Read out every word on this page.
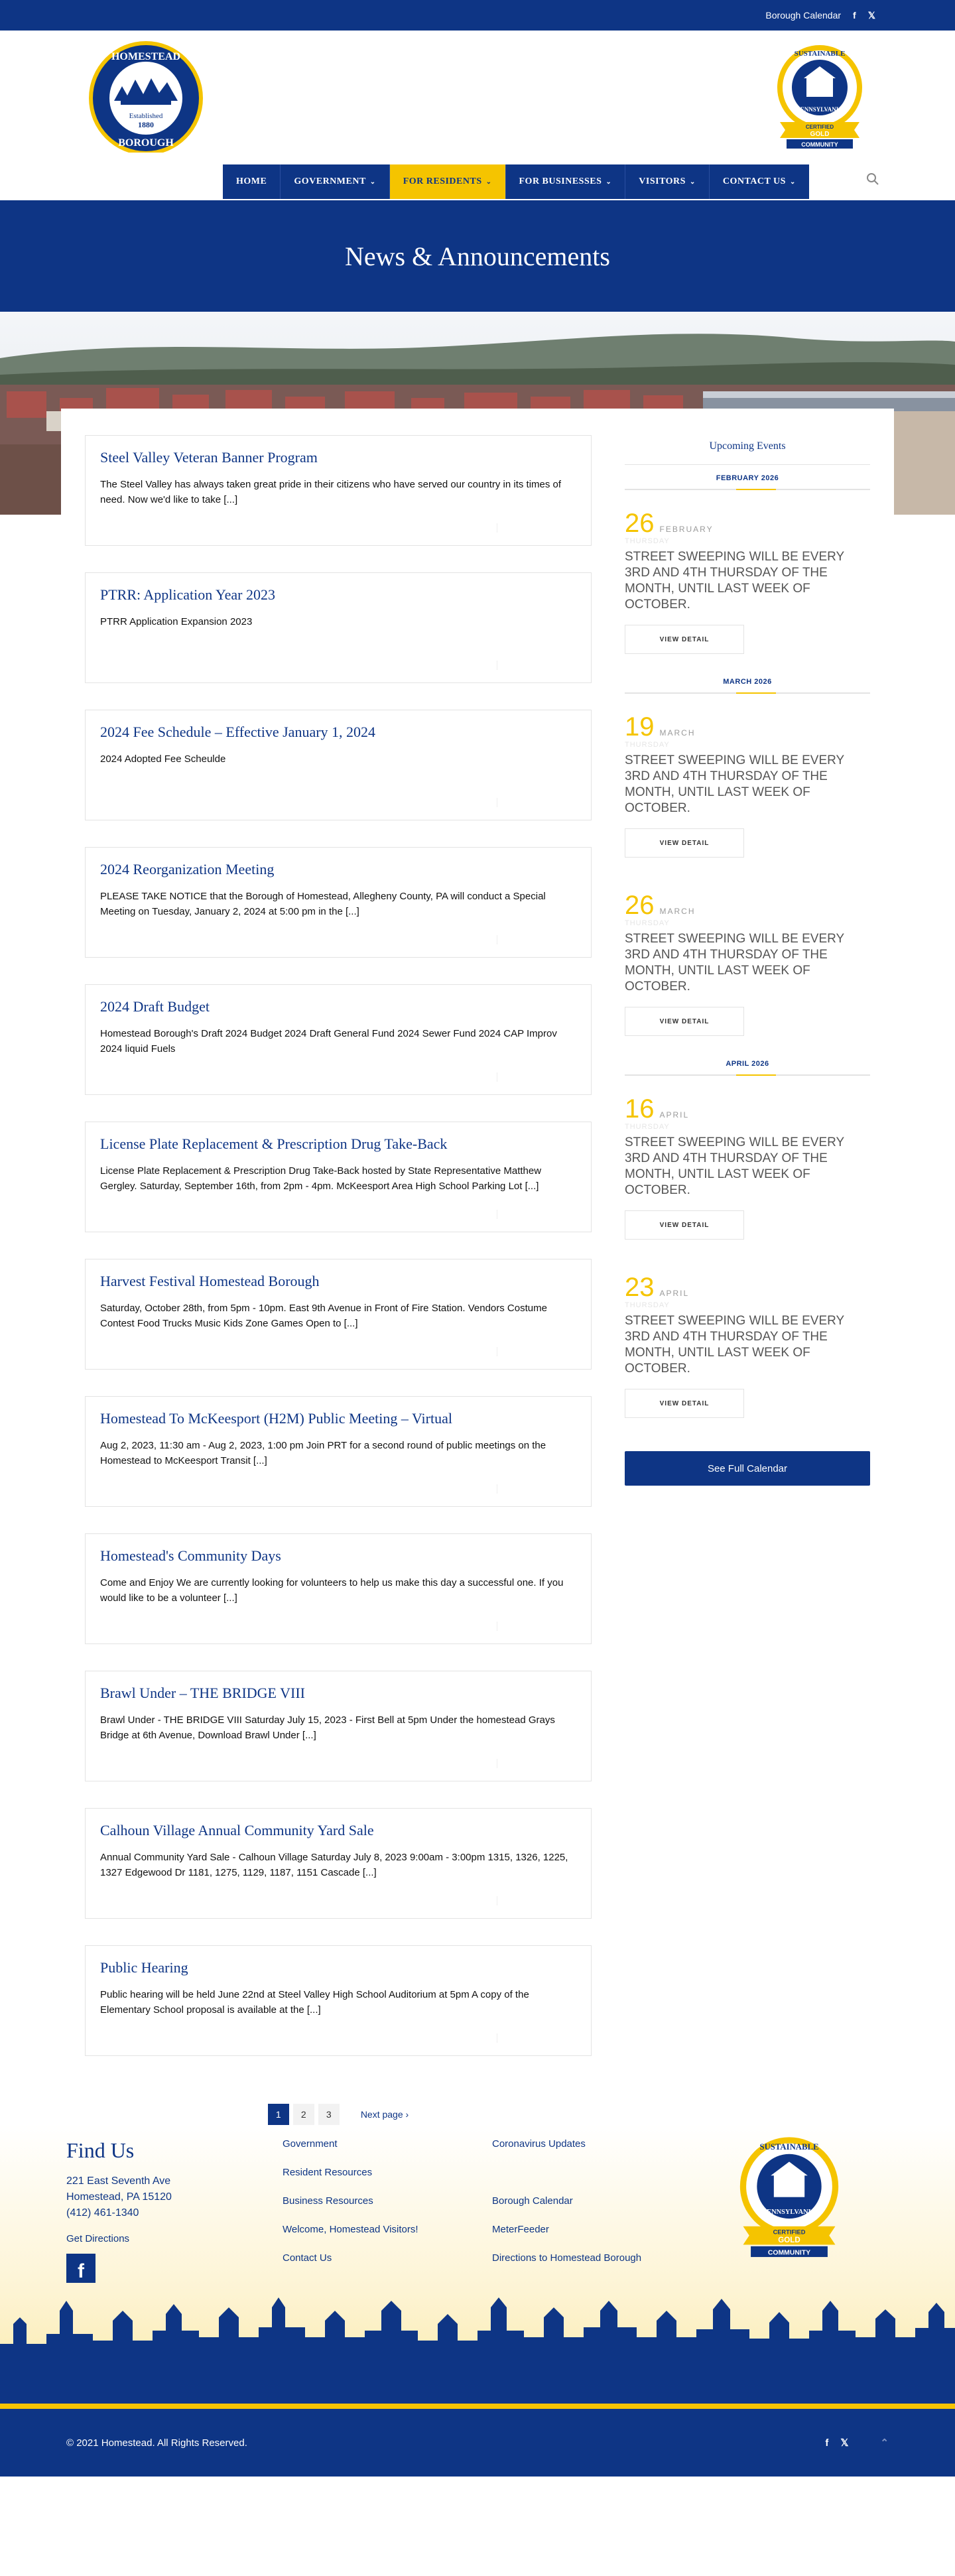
Borough Calendar f 𝕏
Established
1880
HOMESTEAD
BOROUGH
SUSTAINABLE
PENNSYLVANIA
CERTIFIED
GOLD
COMMUNITY
HOME	GOVERNMENT ⌄	FOR RESIDENTS ⌄	FOR BUSINESSES ⌄	VISITORS ⌄	CONTACT US ⌄
News & Announcements
Steel Valley Veteran Banner Program
The Steel Valley has always taken great pride in their citizens who have served our country in its times of need. Now we'd like to take [...]
PTRR: Application Year 2023
PTRR Application Expansion 2023
2024 Fee Schedule – Effective January 1, 2024
2024 Adopted Fee Scheulde
2024 Reorganization Meeting
PLEASE TAKE NOTICE that the Borough of Homestead, Allegheny County, PA will conduct a Special Meeting on Tuesday, January 2, 2024 at 5:00 pm in the [...]
2024 Draft Budget
Homestead Borough's Draft 2024 Budget 2024 Draft General Fund 2024 Sewer Fund 2024 CAP Improv 2024 liquid Fuels
License Plate Replacement & Prescription Drug Take-Back
License Plate Replacement & Prescription Drug Take-Back hosted by State Representative Matthew Gergley. Saturday, September 16th, from 2pm - 4pm. McKeesport Area High School Parking Lot [...]
Harvest Festival Homestead Borough
Saturday, October 28th, from 5pm - 10pm. East 9th Avenue in Front of Fire Station. Vendors Costume Contest Food Trucks Music Kids Zone Games Open to [...]
Homestead To McKeesport (H2M) Public Meeting – Virtual
Aug 2, 2023, 11:30 am - Aug 2, 2023, 1:00 pm Join PRT for a second round of public meetings on the Homestead to McKeesport Transit [...]
Homestead's Community Days
Come and Enjoy We are currently looking for volunteers to help us make this day a successful one. If you would like to be a volunteer [...]
Brawl Under – THE BRIDGE VIII
Brawl Under - THE BRIDGE VIII Saturday July 15, 2023 - First Bell at 5pm Under the homestead Grays Bridge at 6th Avenue, Download Brawl Under [...]
Calhoun Village Annual Community Yard Sale
Annual Community Yard Sale - Calhoun Village Saturday July 8, 2023 9:00am - 3:00pm 1315, 1326, 1225, 1327 Edgewood Dr 1181, 1275, 1129, 1187, 1151 Cascade [...]
Public Hearing
Public hearing will be held June 22nd at Steel Valley High School Auditorium at 5pm A copy of the Elementary School proposal is available at the [...]
1	2	3	Next page ›
Upcoming Events
FEBRUARY 2026
26 FEBRUARY
THURSDAY
STREET SWEEPING WILL BE EVERY 3RD AND 4TH THURSDAY OF THE MONTH, UNTIL LAST WEEK OF OCTOBER.
VIEW DETAIL
MARCH 2026
19 MARCH
THURSDAY
STREET SWEEPING WILL BE EVERY 3RD AND 4TH THURSDAY OF THE MONTH, UNTIL LAST WEEK OF OCTOBER.
VIEW DETAIL
26 MARCH
THURSDAY
STREET SWEEPING WILL BE EVERY 3RD AND 4TH THURSDAY OF THE MONTH, UNTIL LAST WEEK OF OCTOBER.
VIEW DETAIL
APRIL 2026
16 APRIL
THURSDAY
STREET SWEEPING WILL BE EVERY 3RD AND 4TH THURSDAY OF THE MONTH, UNTIL LAST WEEK OF OCTOBER.
VIEW DETAIL
23 APRIL
THURSDAY
STREET SWEEPING WILL BE EVERY 3RD AND 4TH THURSDAY OF THE MONTH, UNTIL LAST WEEK OF OCTOBER.
VIEW DETAIL
See Full Calendar
Find Us
221 East Seventh Ave
Homestead, PA 15120
(412) 461-1340
Get Directions
f
Government
Resident Resources
Business Resources
Welcome, Homestead Visitors!
Contact Us
Coronavirus Updates
Borough Calendar
MeterFeeder
Directions to Homestead Borough
SUSTAINABLE
PENNSYLVANIA
CERTIFIED
GOLD
COMMUNITY
© 2021 Homestead. All Rights Reserved.	f 𝕏	⌃
